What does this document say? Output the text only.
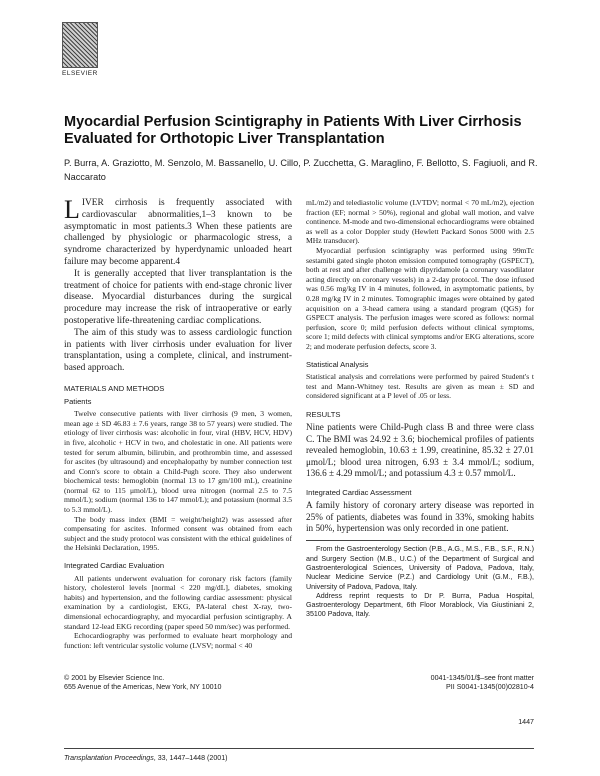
ELSEVIER
Myocardial Perfusion Scintigraphy in Patients With Liver Cirrhosis Evaluated for Orthotopic Liver Transplantation
P. Burra, A. Graziotto, M. Senzolo, M. Bassanello, U. Cillo, P. Zucchetta, G. Maraglino, F. Bellotto, S. Fagiuoli, and R. Naccarato

LIVER cirrhosis is frequently associated with cardiovascular abnormalities,1–3 known to be asymptomatic in most patients.3 When these patients are challenged by physiologic or pharmacologic stress, a syndrome characterized by hyperdynamic unloaded heart failure may become apparent.4

It is generally accepted that liver transplantation is the treatment of choice for patients with end-stage chronic liver disease. Myocardial disturbances during the surgical procedure may increase the risk of intraoperative or early postoperative life-threatening cardiac complications.

The aim of this study was to assess cardiologic function in patients with liver cirrhosis under evaluation for liver transplantation, using a complete, clinical, and instrument-based approach.

MATERIALS AND METHODS
Patients

Twelve consecutive patients with liver cirrhosis (9 men, 3 women, mean age ± SD 46.83 ± 7.6 years, range 38 to 57 years) were studied. The etiology of liver cirrhosis was: alcoholic in four, viral (HBV, HCV, HDV) in five, alcoholic + HCV in two, and cholestatic in one. All patients were tested for serum albumin, bilirubin, and prothrombin time, and assessed for ascites (by ultrasound) and encephalopathy by number connection test and Conn's score to obtain a Child-Pugh score. They also underwent biochemical tests: hemoglobin (normal 13 to 17 gm/100 mL), creatinine (normal 62 to 115 μmol/L), blood urea nitrogen (normal 2.5 to 7.5 mmol/L); sodium (normal 136 to 147 mmol/L); and potassium (normal 3.5 to 5.3 mmol/L).

The body mass index (BMI = weight/height2) was assessed after compensating for ascites. Informed consent was obtained from each subject and the study protocol was consistent with the ethical guidelines of the Helsinki Declaration, 1995.

Integrated Cardiac Evaluation

All patients underwent evaluation for coronary risk factors (family history, cholesterol levels [normal < 220 mg/dL], diabetes, smoking habits) and hypertension, and the following cardiac assessment: physical examination by a cardiologist, EKG, PA-lateral chest X-ray, two-dimensional echocardiography, and myocardial perfusion scintigraphy. A standard 12-lead EKG recording (paper speed 50 mm/sec) was performed.

Echocardiography was performed to evaluate heart morphology and function: left ventricular systolic volume (LVSV; normal < 40

mL/m2) and telediastolic volume (LVTDV; normal < 70 mL/m2), ejection fraction (EF; normal > 50%), regional and global wall motion, and valve continence. M-mode and two-dimensional echocardiograms were obtained as well as a color Doppler study (Hewlett Packard Sonos 5000 with 2.5 MHz transducer).

Myocardial perfusion scintigraphy was performed using 99mTc sestamibi gated single photon emission computed tomography (GSPECT), both at rest and after challenge with dipyridamole (a coronary vasodilator acting directly on coronary vessels) in a 2-day protocol. The dose infused was 0.56 mg/kg IV in 4 minutes, followed, in asymptomatic patients, by 0.28 mg/kg IV in 2 minutes. Tomographic images were obtained by gated acquisition on a 3-head camera using a standard program (QGS) for GSPECT analysis. The perfusion images were scored as follows: normal perfusion, score 0; mild perfusion defects without clinical symptoms, score 1; mild defects with clinical symptoms and/or EKG alterations, score 2; and moderate perfusion defects, score 3.

Statistical Analysis

Statistical analysis and correlations were performed by paired Student's t test and Mann-Whitney test. Results are given as mean ± SD and considered significant at a P level of .05 or less.

RESULTS

Nine patients were Child-Pugh class B and three were class C. The BMI was 24.92 ± 3.6; biochemical profiles of patients revealed hemoglobin, 10.63 ± 1.99, creatinine, 85.32 ± 27.01 μmol/L; blood urea nitrogen, 6.93 ± 3.4 mmol/L; sodium, 136.6 ± 4.29 mmol/L; and potassium 4.3 ± 0.57 mmol/L.

Integrated Cardiac Assessment

A family history of coronary artery disease was reported in 25% of patients, diabetes was found in 33%, smoking habits in 50%, hypertension was only recorded in one patient.

From the Gastroenterology Section (P.B., A.G., M.S., F.B., S.F., R.N.) and Surgery Section (M.B., U.C.) of the Department of Surgical and Gastroenterological Sciences, University of Padova, Padova, Italy, Nuclear Medicine Service (P.Z.) and Cardiology Unit (G.M., F.B.), University of Padova, Padova, Italy.

Address reprint requests to Dr P. Burra, Padua Hospital, Gastroenterology Department, 6th Floor Morablock, Via Giustiniani 2, 35100 Padova, Italy.

© 2001 by Elsevier Science Inc.
655 Avenue of the Americas, New York, NY 10010
0041-1345/01/$–see front matter
PII S0041-1345(00)02810-4
1447
Transplantation Proceedings, 33, 1447–1448 (2001)
